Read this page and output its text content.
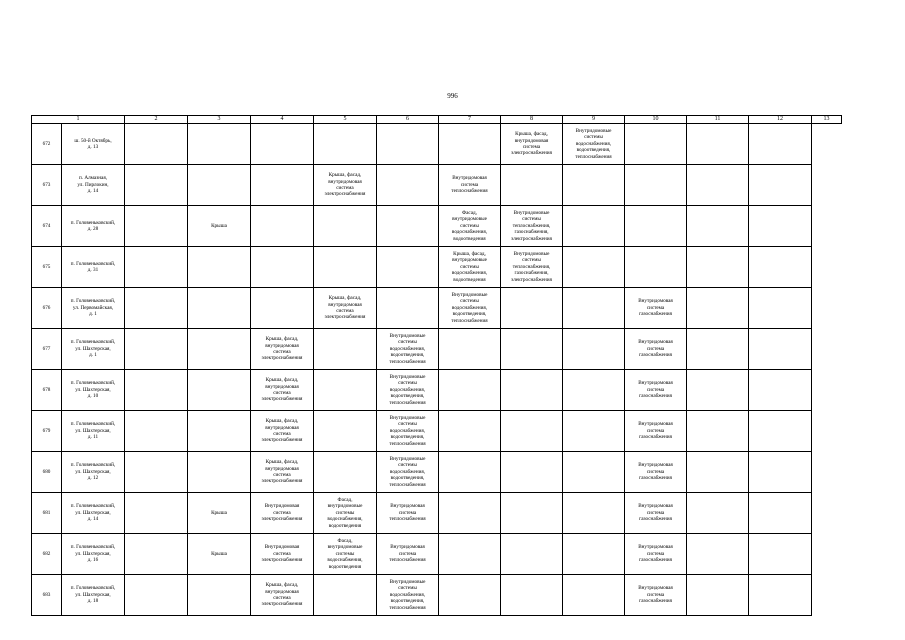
996
1		2	3	4	5	6	7	8	9	10	11	12	13

672	ш. 50-й Октябрь,
д. 13							Крыша, фасад,
внутридомовая
система
электроснабжения	Внутридомовые
системы
водоснабжения,
водоотведения,
теплоснабжения				

673	п. Алмазная,
ул. Пирлокин,
д. 14				Крыша, фасад,
внутридомовая
система
электроснабжения		Внутридомовая
система
теплоснабжения						

674	п. Головеньковский,
д. 28		Крыша				Фасад,
внутридомовые
системы
водоснабжения,
водоотведения	Внутридомовые
системы
теплоснабжения,
газоснабжения,
электроснабжения					

675	п. Головеньковский,
д. 31						Крыша, фасад,
внутридомовые
системы
водоснабжения,
водоотведения	Внутридомовые
системы
теплоснабжения,
газоснабжения,
электроснабжения					

676	п. Головеньковский,
ул. Первомайская,
д. 1				Крыша, фасад,
внутридомовая
система
электроснабжения		Внутридомовые
системы
водоснабжения,
водоотведения,
теплоснабжения			Внутридомовая
система
газоснабжения			

677	п. Головеньковский,
ул. Шахтерская,
д. 1			Крыша, фасад,
внутридомовая
система
электроснабжения		Внутридомовые
системы
водоснабжения,
водоотведения,
теплоснабжения				Внутридомовая
система
газоснабжения			

678	п. Головеньковский,
ул. Шахтерская,
д. 10			Крыша, фасад,
внутридомовая
система
электроснабжения		Внутридомовые
системы
водоснабжения,
водоотведения,
теплоснабжения				Внутридомовая
система
газоснабжения			

679	п. Головеньковский,
ул. Шахтерская,
д. 11			Крыша, фасад,
внутридомовая
система
электроснабжения		Внутридомовые
системы
водоснабжения,
водоотведения,
теплоснабжения				Внутридомовая
система
газоснабжения			

680	п. Головеньковский,
ул. Шахтерская,
д. 12			Крыша, фасад,
внутридомовая
система
электроснабжения		Внутридомовые
системы
водоснабжения,
водоотведения,
теплоснабжения				Внутридомовая
система
газоснабжения			

681	п. Головеньковский,
ул. Шахтерская,
д. 14		Крыша	Внутридомовая
система
электроснабжения	Фасад,
внутридомовые
системы
водоснабжения,
водоотведения	Внутридомовая
система
теплоснабжения				Внутридомовая
система
газоснабжения			

682	п. Головеньковский,
ул. Шахтерская,
д. 16		Крыша	Внутридомовая
система
электроснабжения	Фасад,
внутридомовые
системы
водоснабжения,
водоотведения	Внутридомовая
система
теплоснабжения				Внутридомовая
система
газоснабжения			

683	п. Головеньковский,
ул. Шахтерская,
д. 18			Крыша, фасад,
внутридомовая
система
электроснабжения		Внутридомовые
системы
водоснабжения,
водоотведения,
теплоснабжения				Внутридомовая
система
газоснабжения			
